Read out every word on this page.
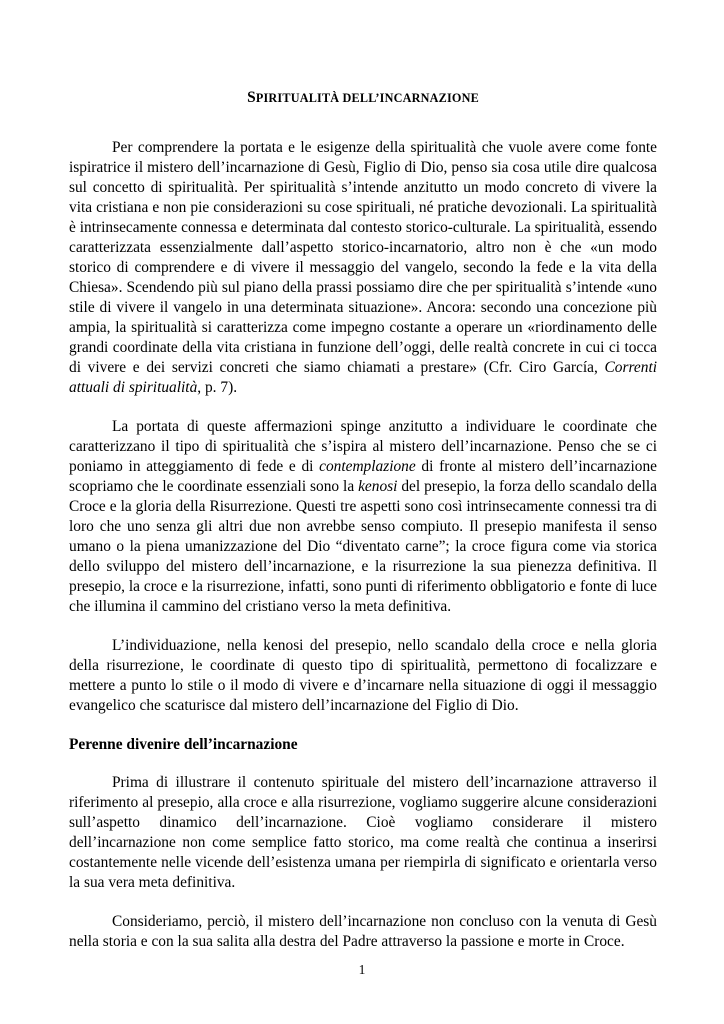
SPIRITUALITÀ DELL’INCARNAZIONE

Per comprendere la portata e le esigenze della spiritualità che vuole avere come fonte ispiratrice il mistero dell’incarnazione di Gesù, Figlio di Dio, penso sia cosa utile dire qualcosa sul concetto di spiritualità. Per spiritualità s’intende anzitutto un modo concreto di vivere la vita cristiana e non pie considerazioni su cose spirituali, né pratiche devozionali. La spiritualità è intrinsecamente connessa e determinata dal contesto storico-culturale. La spiritualità, essendo caratterizzata essenzialmente dall’aspetto storico-incarnatorio, altro non è che «un modo storico di comprendere e di vivere il messaggio del vangelo, secondo la fede e la vita della Chiesa». Scendendo più sul piano della prassi possiamo dire che per spiritualità s’intende «uno stile di vivere il vangelo in una determinata situazione». Ancora: secondo una concezione più ampia, la spiritualità si caratterizza come impegno costante a operare un «riordinamento delle grandi coordinate della vita cristiana in funzione dell’oggi, delle realtà concrete in cui ci tocca di vivere e dei servizi concreti che siamo chiamati a prestare» (Cfr. Ciro García, Correnti attuali di spiritualità, p. 7).

La portata di queste affermazioni spinge anzitutto a individuare le coordinate che caratterizzano il tipo di spiritualità che s’ispira al mistero dell’incarnazione. Penso che se ci poniamo in atteggiamento di fede e di contemplazione di fronte al mistero dell’incarnazione scopriamo che le coordinate essenziali sono la kenosi del presepio, la forza dello scandalo della Croce e la gloria della Risurrezione. Questi tre aspetti sono così intrinsecamente connessi tra di loro che uno senza gli altri due non avrebbe senso compiuto. Il presepio manifesta il senso umano o la piena umanizzazione del Dio “diventato carne”; la croce figura come via storica dello sviluppo del mistero dell’incarnazione, e la risurrezione la sua pienezza definitiva. Il presepio, la croce e la risurrezione, infatti, sono punti di riferimento obbligatorio e fonte di luce che illumina il cammino del cristiano verso la meta definitiva.

L’individuazione, nella kenosi del presepio, nello scandalo della croce e nella gloria della risurrezione, le coordinate di questo tipo di spiritualità, permettono di focalizzare e mettere a punto lo stile o il modo di vivere e d’incarnare nella situazione di oggi il messaggio evangelico che scaturisce dal mistero dell’incarnazione del Figlio di Dio.

Perenne divenire dell’incarnazione

Prima di illustrare il contenuto spirituale del mistero dell’incarnazione attraverso il riferimento al presepio, alla croce e alla risurrezione, vogliamo suggerire alcune considerazioni sull’aspetto dinamico dell’incarnazione. Cioè vogliamo considerare il mistero dell’incarnazione non come semplice fatto storico, ma come realtà che continua a inserirsi costantemente nelle vicende dell’esistenza umana per riempirla di significato e orientarla verso la sua vera meta definitiva.

Consideriamo, perciò, il mistero dell’incarnazione non concluso con la venuta di Gesù nella storia e con la sua salita alla destra del Padre attraverso la passione e morte in Croce.

1
